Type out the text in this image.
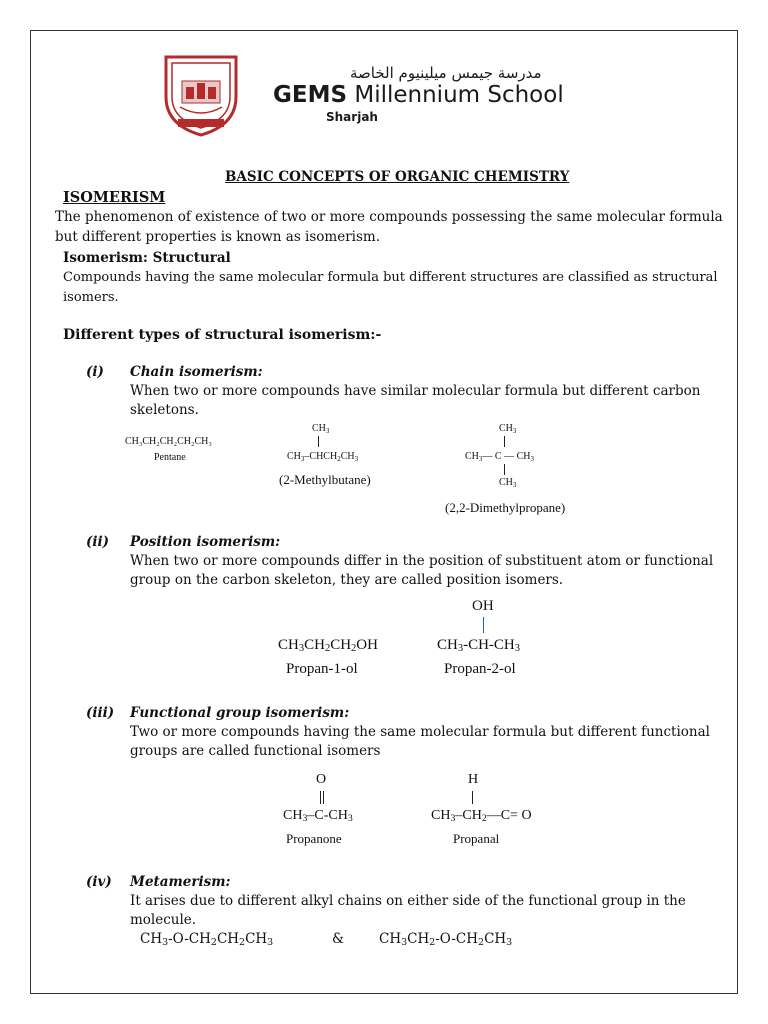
مدرسة جيمس ميلينيوم الخاصة
GEMS Millennium School
Sharjah
BASIC CONCEPTS OF ORGANIC CHEMISTRY
ISOMERISM
The phenomenon of existence of two or more compounds possessing the same molecular formula
but different properties is known as isomerism.
Isomerism: Structural
Compounds having the same molecular formula but different structures are classified as structural
isomers.
Different types of structural isomerism:-
(i) Chain isomerism:
When two or more compounds have similar molecular formula but different carbon
skeletons.
CH₃CH₂CH₂CH₂CH₃
Pentane
$CH_3$
$CH_3-CHCH_2CH_3$
(2-Methylbutane)
$CH_3$
$CH_3—$ C — $CH_3$
$CH_3$
(2,2-Dimethylpropane)
(ii) Position isomerism:
When two or more compounds differ in the position of substituent atom or functional
group on the carbon skeleton, they are called position isomers.
OH
$CH_3CH_2CH_2OH$	$CH_3-CH-CH_3$
Propan-1-ol	Propan-2-ol
(iii) Functional group isomerism:
Two or more compounds having the same molecular formula but different functional
groups are called functional isomers
O
$CH_3-C-CH_3$
Propanone
H
$CH_3-CH_2—C= O$
Propanal
(iv) Metamerism:
It arises due to different alkyl chains on either side of the functional group in the
molecule.
$CH_3-O-CH_2CH_2CH_3$	&	$CH_3CH_2-O-CH_2CH_3$
